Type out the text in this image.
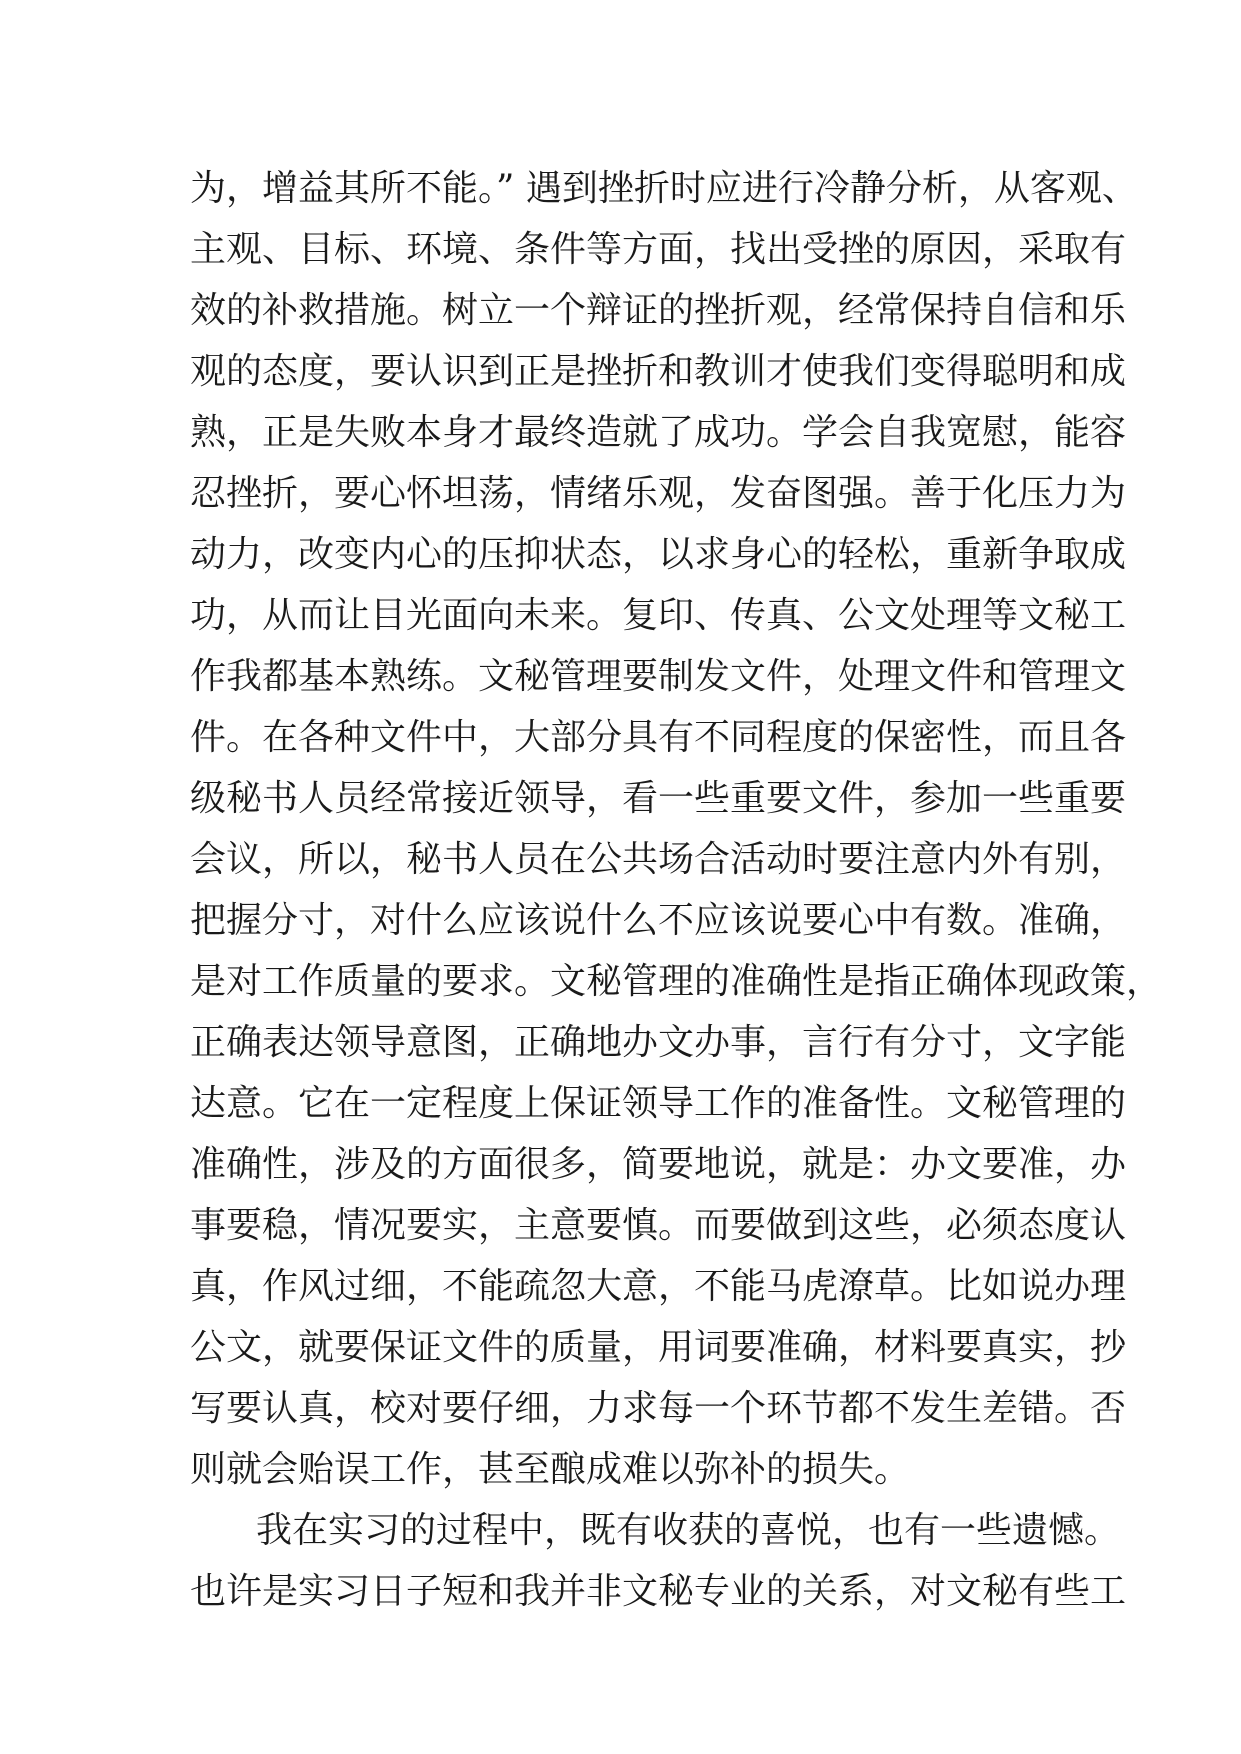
为，增益其所不能。” 遇到挫折时应进行冷静分析，从客观、
主观、目标、环境、条件等方面，找出受挫的原因，采取有
效的补救措施。树立一个辩证的挫折观，经常保持自信和乐
观的态度，要认识到正是挫折和教训才使我们变得聪明和成
熟，正是失败本身才最终造就了成功。学会自我宽慰，能容
忍挫折，要心怀坦荡，情绪乐观，发奋图强。善于化压力为
动力，改变内心的压抑状态，以求身心的轻松，重新争取成
功，从而让目光面向未来。复印、传真、公文处理等文秘工
作我都基本熟练。文秘管理要制发文件，处理文件和管理文
件。在各种文件中，大部分具有不同程度的保密性，而且各
级秘书人员经常接近领导，看一些重要文件，参加一些重要
会议，所以，秘书人员在公共场合活动时要注意内外有别，
把握分寸，对什么应该说什么不应该说要心中有数。准确，
是对工作质量的要求。文秘管理的准确性是指正确体现政策，
正确表达领导意图，正确地办文办事，言行有分寸，文字能
达意。它在一定程度上保证领导工作的准备性。文秘管理的
准确性，涉及的方面很多，简要地说，就是：办文要准，办
事要稳，情况要实，主意要慎。而要做到这些，必须态度认
真，作风过细，不能疏忽大意，不能马虎潦草。比如说办理
公文，就要保证文件的质量，用词要准确，材料要真实，抄
写要认真，校对要仔细，力求每一个环节都不发生差错。否
则就会贻误工作，甚至酿成难以弥补的损失。
我在实习的过程中，既有收获的喜悦，也有一些遗憾。
也许是实习日子短和我并非文秘专业的关系，对文秘有些工
